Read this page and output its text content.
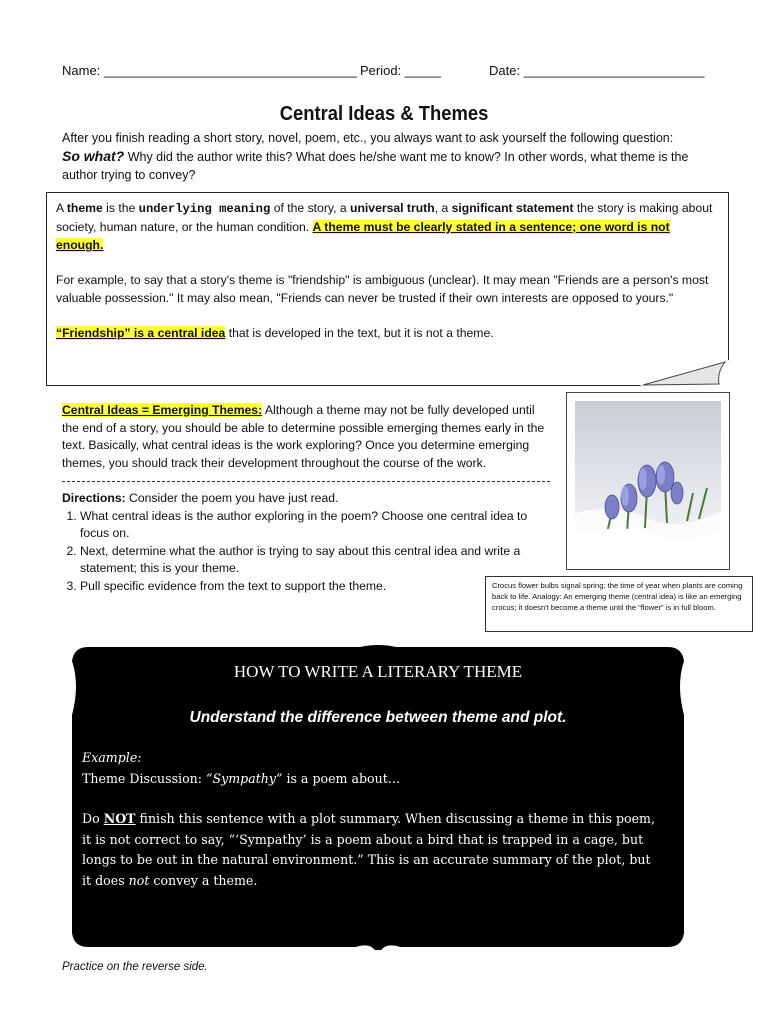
Name: ___________________________________ Period: _____	Date: _________________________
Central Ideas & Themes
After you finish reading a short story, novel, poem, etc., you always want to ask yourself the following question:
So what? Why did the author write this? What does he/she want me to know? In other words, what theme is the author trying to convey?

A theme is the underlying meaning of the story, a universal truth, a significant statement the story is making about society, human nature, or the human condition. A theme must be clearly stated in a sentence; one word is not enough.

For example, to say that a story's theme is "friendship" is ambiguous (unclear). It may mean "Friends are a person's most valuable possession." It may also mean, "Friends can never be trusted if their own interests are opposed to yours."

“Friendship” is a central idea that is developed in the text, but it is not a theme.

Central Ideas = Emerging Themes: Although a theme may not be fully developed until the end of a story, you should be able to determine possible emerging themes early in the text. Basically, what central ideas is the work exploring? Once you determine emerging themes, you should track their development throughout the course of the work.
Directions: Consider the poem you have just read.
1. What central ideas is the author exploring in the poem? Choose one central idea to focus on.
2. Next, determine what the author is trying to say about this central idea and write a statement; this is your theme.
3. Pull specific evidence from the text to support the theme.	Crocus flower bulbs signal spring; the time of year when plants are coming back to life. Analogy: An emerging theme (central idea) is like an emerging crocus; it doesn't become a theme until the “flower” is in full bloom.
HOW TO WRITE A LITERARY THEME
Understand the difference between theme and plot.

Example:
Theme Discussion: “Sympathy” is a poem about…

Do NOT finish this sentence with a plot summary. When discussing a theme in this poem, it is not correct to say, “‘Sympathy’ is a poem about a bird that is trapped in a cage, but longs to be out in the natural environment.” This is an accurate summary of the plot, but it does not convey a theme.

Practice on the reverse side.
